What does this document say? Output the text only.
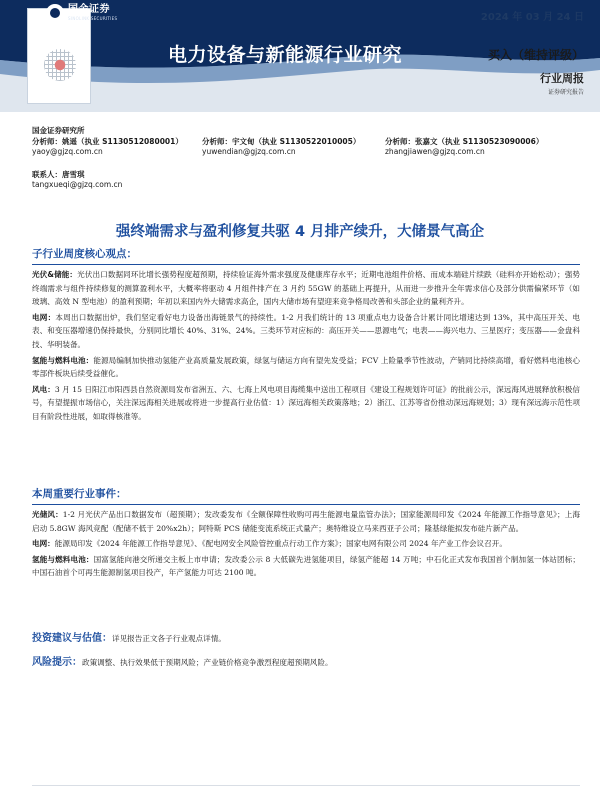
国金证券
SINOLINK SECURITIES	2024 年 03 月 24 日
电力设备与新能源行业研究	买入（维持评级）
行业周报
证券研究报告
国金证券研究所
分析师：姚遥（执业 S1130512080001）
yaoy@gjzq.com.cn
分析师：宇文甸（执业 S1130522010005）
yuwendian@gjzq.com.cn
分析师：张嘉文（执业 S1130523090006）
zhangjiawen@gjzq.com.cn
联系人：唐雪琪
tangxueqi@gjzq.com.cn
强终端需求与盈利修复共驱 4 月排产续升，大储景气高企
子行业周度核心观点：

光伏&储能：光伏出口数据同环比增长强势程度超预期，持续验证海外需求强度及健康库存水平；近期电池组件价格、而成本端硅片续跌（硅料亦开始松动）；强势终端需求与组件持续修复的测算盈利水平，大概率将驱动 4 月组件排产在 3 月约 55GW 的基础上再提升，从而进一步推升全年需求信心及部分供需偏紧环节（如玻璃、高效 N 型电池）的盈利预期；年初以来国内外大储需求高企，国内大储市场有望迎来竞争格局改善和头部企业的量利齐升。

电网：本周出口数据出炉，我们坚定看好电力设备出海链景气的持续性。1-2 月我们统计的 13 项重点电力设备合计累计同比增速达到 13%，其中高压开关、电表、和变压器增速仍保持最快，分别同比增长 40%、31%、24%。三类环节对应标的：高压开关——思源电气；电表——海兴电力、三星医疗；变压器——金盘科技、华明装备。

氢能与燃料电池：能源局编制加快推动氢能产业高质量发展政策，绿氢与储运方向有望先发受益；FCV 上险量季节性波动，产销同比持续高增，看好燃料电池核心零部件板块后续受益催化。

风电：3 月 15 日阳江市阳西县自然资源局发布省洲五、六、七海上风电项目海缆集中送出工程项目《建设工程规划许可证》的批前公示，深远海风进展释放积极信号，有望提振市场信心，关注深远海相关进展或将进一步提高行业估值：1）深远海相关政策落地；2）浙江、江苏等省份推动深远海规划；3）现有深远海示范性项目有阶段性进展，如取得核准等。

本周重要行业事件：

光储风：1-2 月光伏产品出口数据发布（超预期）；发改委发布《全额保障性收购可再生能源电量监管办法》；国家能源局印发《2024 年能源工作指导意见》；上海启动 5.8GW 海风竞配（配储不低于 20%x2h）；阿特斯 PCS 储能变流系统正式量产；奥特维设立马来西亚子公司；隆基绿能拟发布硅片新产品。

电网：能源局印发《2024 年能源工作指导意见》、《配电网安全风险管控重点行动工作方案》；国家电网有限公司 2024 年产业工作会议召开。

氢能与燃料电池：国富氢能向港交所递交主板上市申请；发改委公示 8 大低碳先进氢能项目，绿氢产能超 14 万吨；中石化正式发布我国首个制加氢一体站团标；中国石油首个可再生能源制氢项目投产，年产氢能力可达 2100 吨。

投资建议与估值：详见报告正文各子行业观点详情。
风险提示：政策调整、执行效果低于预期风险；产业链价格竞争激烈程度超预期风险。
